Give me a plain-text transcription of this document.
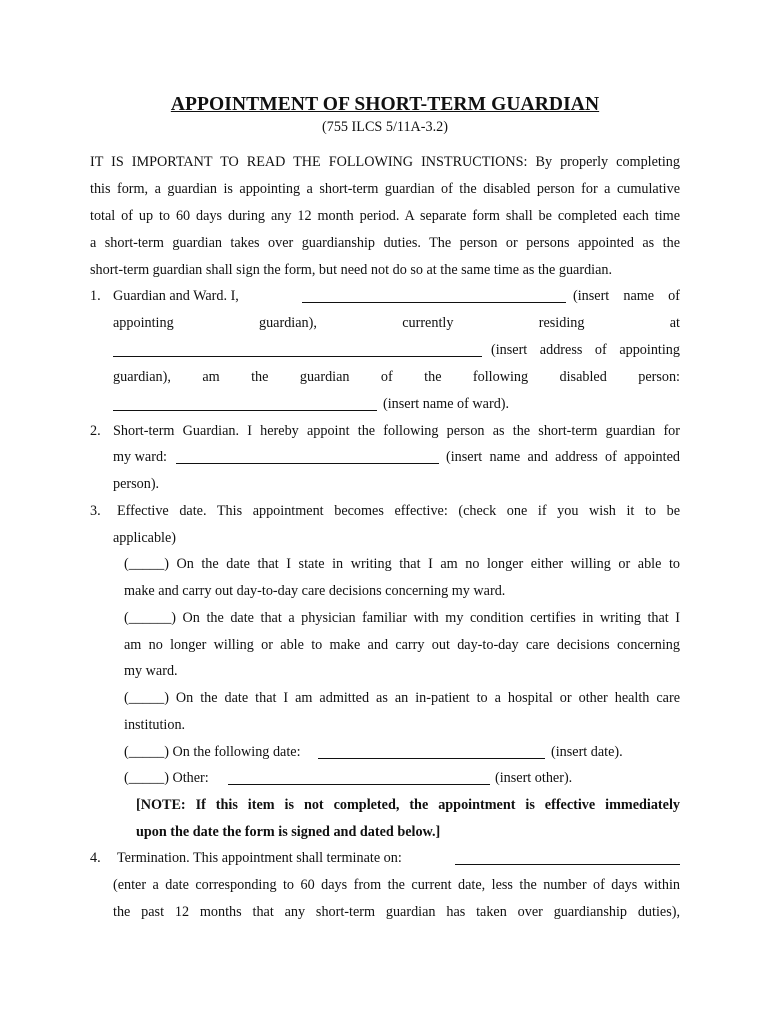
APPOINTMENT OF SHORT-TERM GUARDIAN
(755 ILCS 5/11A-3.2)
IT IS IMPORTANT TO READ THE FOLLOWING INSTRUCTIONS: By properly completing
this form, a guardian is appointing a short-term guardian of the disabled person for a cumulative
total of up to 60 days during any 12 month period. A separate form shall be completed each time
a short-term guardian takes over guardianship duties. The person or persons appointed as the
short-term guardian shall sign the form, but need not do so at the same time as the guardian.
1. Guardian and Ward. I,	(insert name of
appointing guardian), currently residing at
(insert address of appointing
guardian), am the guardian of the following disabled person:
(insert name of ward).
2. Short-term Guardian. I hereby appoint the following person as the short-term guardian for
my ward:	(insert name and address of appointed
person).
3. Effective date. This appointment becomes effective: (check one if you wish it to be
applicable)
(_____) On the date that I state in writing that I am no longer either willing or able to
make and carry out day-to-day care decisions concerning my ward.
(______) On the date that a physician familiar with my condition certifies in writing that I
am no longer willing or able to make and carry out day-to-day care decisions concerning
my ward.
(_____) On the date that I am admitted as an in-patient to a hospital or other health care
institution.
(_____) On the following date:	(insert date).
(_____) Other:	(insert other).
[NOTE: If this item is not completed, the appointment is effective immediately
upon the date the form is signed and dated below.]
4. Termination. This appointment shall terminate on:
(enter a date corresponding to 60 days from the current date, less the number of days within
the past 12 months that any short-term guardian has taken over guardianship duties),
